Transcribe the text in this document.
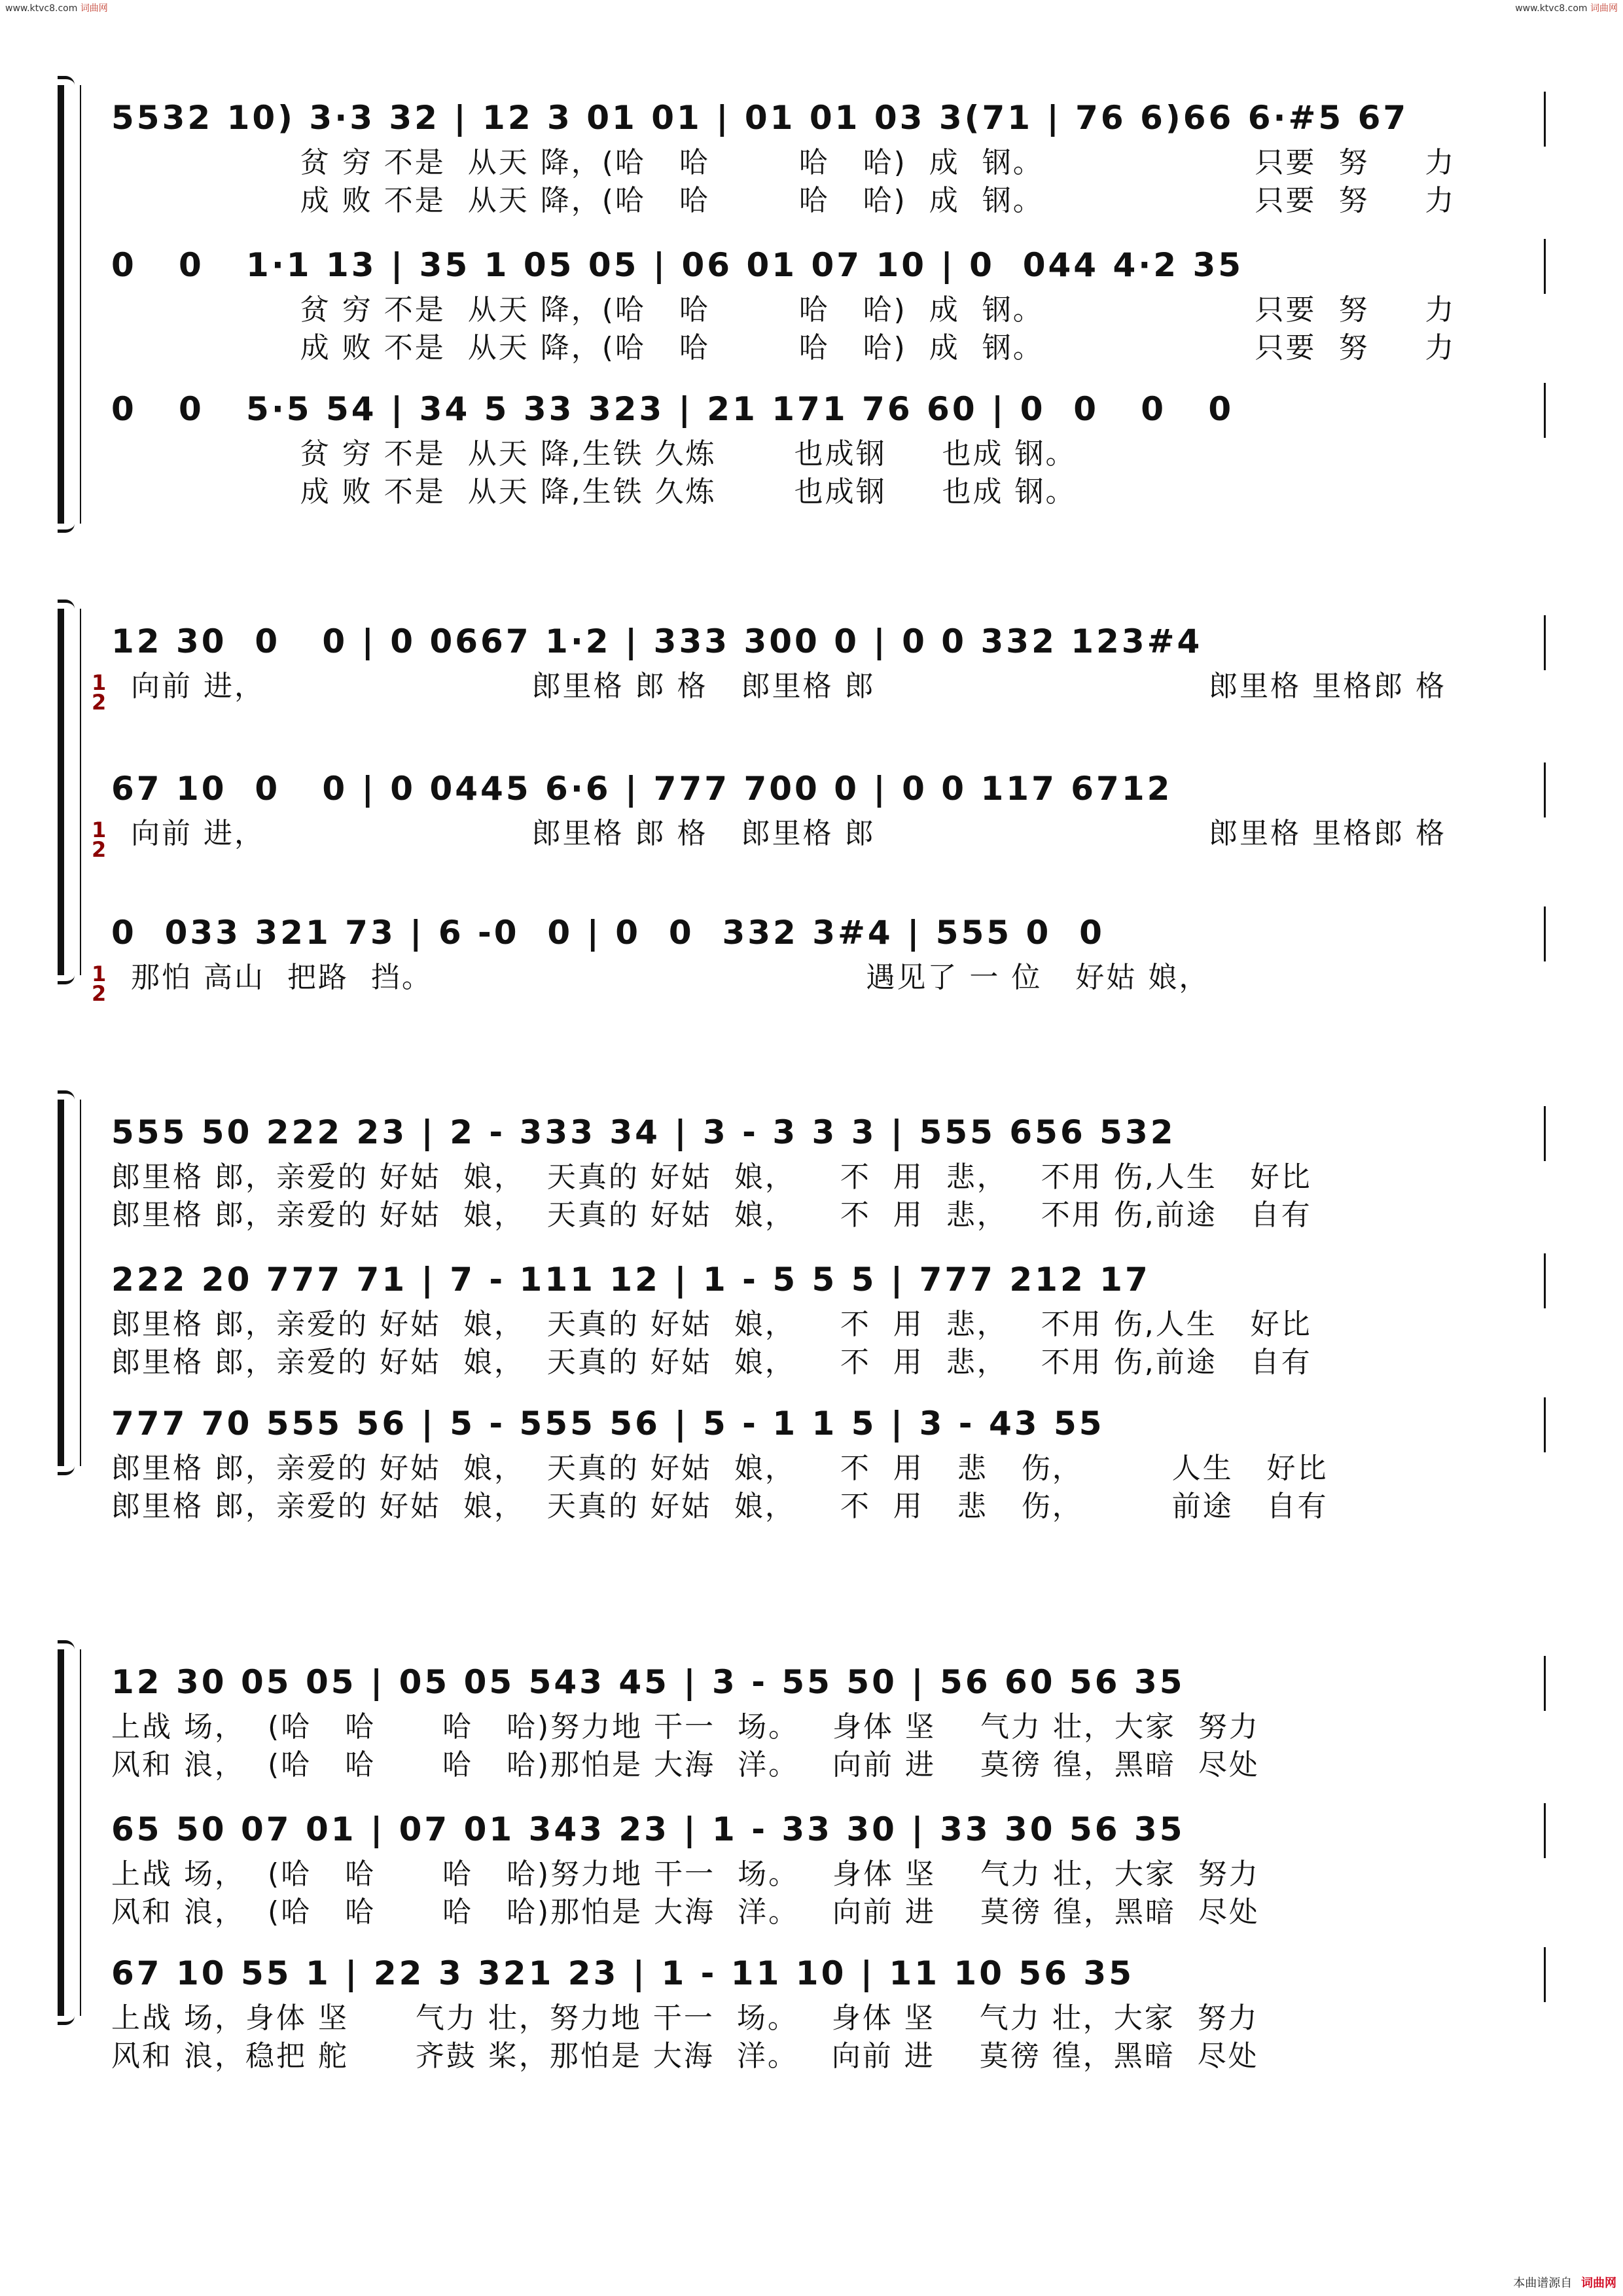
www.ktvc8.com 词曲网	www.ktvc8.com 词曲网
5532 10) 3·3 32 | 12 3 01 01 | 01 01 03 3(71 | 76 6)66 6·#5 67
贫 穷 不是  从天 降，(哈   哈        哈   哈)  成  钢。                   只要  努     力
成 败 不是  从天 降，(哈   哈        哈   哈)  成  钢。                   只要  努     力
0   0   1·1 13 | 35 1 05 05 | 06 01 07 10 | 0  044 4·2 35
贫 穷 不是  从天 降，(哈   哈        哈   哈)  成  钢。                   只要  努     力
成 败 不是  从天 降，(哈   哈        哈   哈)  成  钢。                   只要  努     力
0   0   5·5 54 | 34 5 33 323 | 21 171 76 60 | 0  0   0   0
贫 穷 不是  从天 降,生铁 久炼       也成钢     也成 钢。
成 败 不是  从天 降,生铁 久炼       也成钢     也成 钢。
12 30  0   0 | 0 0667 1·2 | 333 300 0 | 0 0 332 123#4
1
2 向前 进，                        郎里格 郎 格   郎里格 郎                              郎里格 里格郎 格
67 10  0   0 | 0 0445 6·6 | 777 700 0 | 0 0 117 6712
1
2 向前 进，                        郎里格 郎 格   郎里格 郎                              郎里格 里格郎 格
0  033 321 73 | 6 -0  0 | 0  0  332 3#4 | 555 0  0
1
2 那怕 高山  把路  挡。                                       遇见了 一 位   好姑 娘，
555 50 222 23 | 2 - 333 34 | 3 - 3 3 3 | 555 656 532
郎里格 郎，亲爱的 好姑  娘，  天真的 好姑  娘，    不  用  悲，   不用 伤,人生   好比
郎里格 郎，亲爱的 好姑  娘，  天真的 好姑  娘，    不  用  悲，   不用 伤,前途   自有
222 20 777 71 | 7 - 111 12 | 1 - 5 5 5 | 777 212 17
郎里格 郎，亲爱的 好姑  娘，  天真的 好姑  娘，    不  用  悲，   不用 伤,人生   好比
郎里格 郎，亲爱的 好姑  娘，  天真的 好姑  娘，    不  用  悲，   不用 伤,前途   自有
777 70 555 56 | 5 - 555 56 | 5 - 1 1 5 | 3 - 43 55
郎里格 郎，亲爱的 好姑  娘，  天真的 好姑  娘，    不  用   悲   伤，        人生   好比
郎里格 郎，亲爱的 好姑  娘，  天真的 好姑  娘，    不  用   悲   伤，        前途   自有
12 30 05 05 | 05 05 543 45 | 3 - 55 50 | 56 60 56 35
上战 场，  (哈   哈      哈   哈)努力地 干一  场。   身体 坚    气力 壮，大家  努力
风和 浪，  (哈   哈      哈   哈)那怕是 大海  洋。   向前 进    莫徬 徨，黑暗  尽处
65 50 07 01 | 07 01 343 23 | 1 - 33 30 | 33 30 56 35
上战 场，  (哈   哈      哈   哈)努力地 干一  场。   身体 坚    气力 壮，大家  努力
风和 浪，  (哈   哈      哈   哈)那怕是 大海  洋。   向前 进    莫徬 徨，黑暗  尽处
67 10 55 1 | 22 3 321 23 | 1 - 11 10 | 11 10 56 35
上战 场，身体 坚      气力 壮，努力地 干一  场。   身体 坚    气力 壮，大家  努力
风和 浪，稳把 舵      齐鼓 桨，那怕是 大海  洋。   向前 进    莫徬 徨，黑暗  尽处
本曲谱源自 词曲网
